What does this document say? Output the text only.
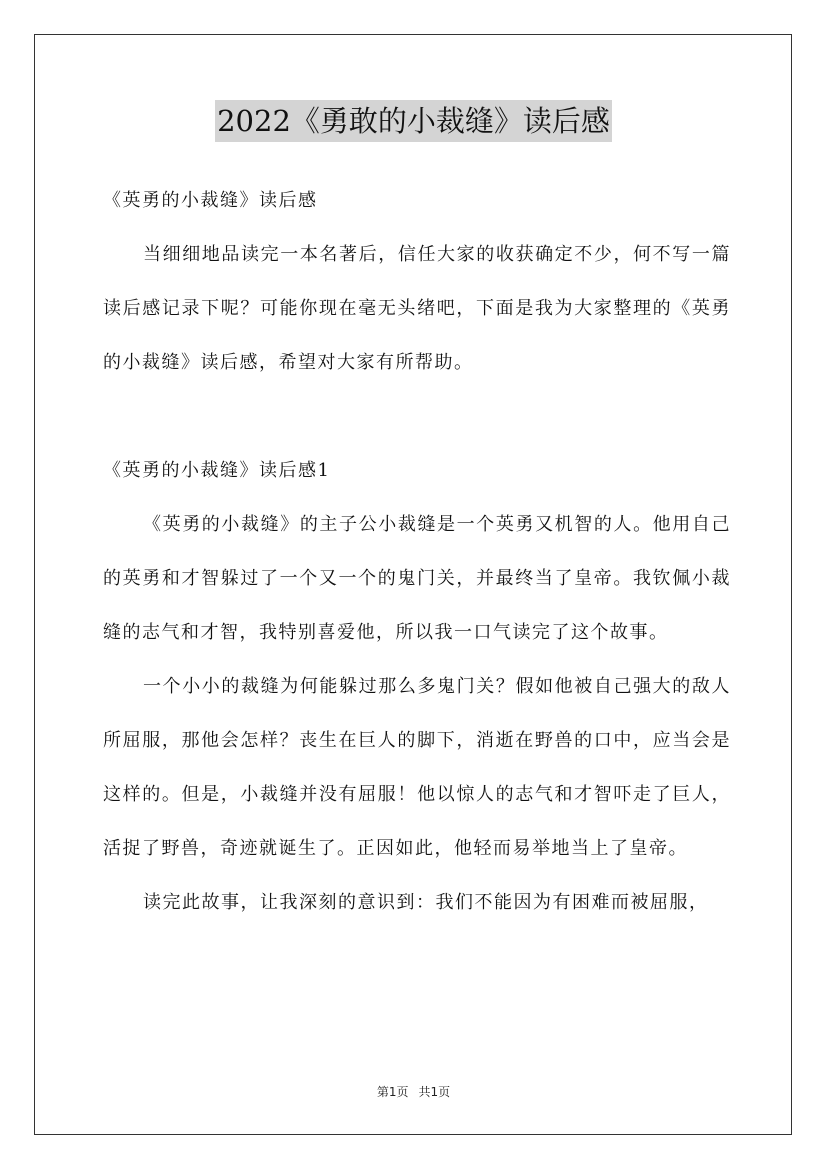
2022《勇敢的小裁缝》读后感

《英勇的小裁缝》读后感

当细细地品读完一本名著后，信任大家的收获确定不少，何不写一篇读后感记录下呢？可能你现在毫无头绪吧，下面是我为大家整理的《英勇的小裁缝》读后感，希望对大家有所帮助。

《英勇的小裁缝》读后感1

《英勇的小裁缝》的主子公小裁缝是一个英勇又机智的人。他用自己的英勇和才智躲过了一个又一个的鬼门关，并最终当了皇帝。我钦佩小裁缝的志气和才智，我特别喜爱他，所以我一口气读完了这个故事。

一个小小的裁缝为何能躲过那么多鬼门关？假如他被自己强大的敌人所屈服，那他会怎样？丧生在巨人的脚下，消逝在野兽的口中，应当会是这样的。但是，小裁缝并没有屈服！他以惊人的志气和才智吓走了巨人，活捉了野兽，奇迹就诞生了。正因如此，他轻而易举地当上了皇帝。

读完此故事，让我深刻的意识到：我们不能因为有困难而被屈服，

第1页 共1页
